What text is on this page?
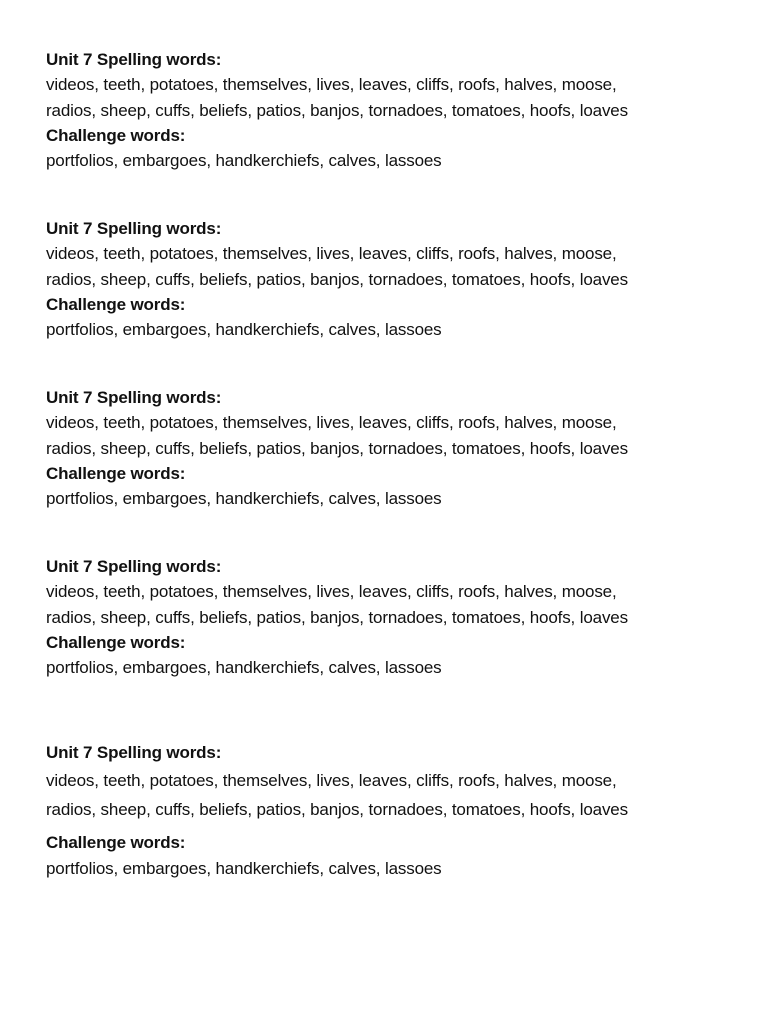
Unit 7 Spelling words:
videos, teeth, potatoes, themselves, lives, leaves, cliffs, roofs, halves, moose,
radios, sheep, cuffs, beliefs, patios, banjos, tornadoes, tomatoes, hoofs, loaves
Challenge words:
portfolios, embargoes, handkerchiefs, calves, lassoes
Unit 7 Spelling words:
videos, teeth, potatoes, themselves, lives, leaves, cliffs, roofs, halves, moose,
radios, sheep, cuffs, beliefs, patios, banjos, tornadoes, tomatoes, hoofs, loaves
Challenge words:
portfolios, embargoes, handkerchiefs, calves, lassoes
Unit 7 Spelling words:
videos, teeth, potatoes, themselves, lives, leaves, cliffs, roofs, halves, moose,
radios, sheep, cuffs, beliefs, patios, banjos, tornadoes, tomatoes, hoofs, loaves
Challenge words:
portfolios, embargoes, handkerchiefs, calves, lassoes
Unit 7 Spelling words:
videos, teeth, potatoes, themselves, lives, leaves, cliffs, roofs, halves, moose,
radios, sheep, cuffs, beliefs, patios, banjos, tornadoes, tomatoes, hoofs, loaves
Challenge words:
portfolios, embargoes, handkerchiefs, calves, lassoes
Unit 7 Spelling words:
videos, teeth, potatoes, themselves, lives, leaves, cliffs, roofs, halves, moose,
radios, sheep, cuffs, beliefs, patios, banjos, tornadoes, tomatoes, hoofs, loaves
Challenge words:
portfolios, embargoes, handkerchiefs, calves, lassoes
